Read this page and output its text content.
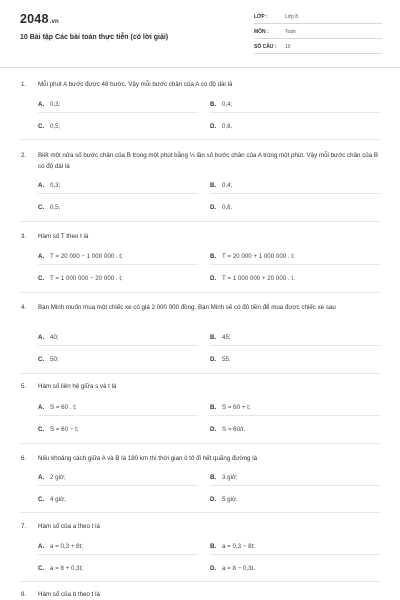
2048.vn
10 Bài tập Các bài toán thực tiễn (có lời giải)
LỚP :	Lớp 8
MÔN :	Toán
SỐ CÂU : 10
1. Mỗi phút A bước được 48 bước. Vậy mỗi bước chân của A có độ dài là
A. 0,3;	B. 0,4;
C. 0,5;	D. 0,6.
2. Biết một nửa số bước chân của B trong một phút bằng ⅓ lần số bước chân của A trong một phút. Vậy mỗi bước chân của B có độ dài là
A. 0,3;	B. 0,4;
C. 0,5;	D. 0,6.
3. Hàm số T theo t là
A. T = 20 000 − 1 000 000 . t;	B. T = 20 000 + 1 000 000 . t;
C. T = 1 000 000 − 20 000 . t;	D. T = 1 000 000 + 20 000 . t.
4. Bạn Minh muốn mua một chiếc xe có giá 2 000 000 đồng. Bạn Minh sẽ có đủ tiền để mua được chiếc xe sau
A. 40;	B. 45;
C. 50;	D. 55.
5. Hàm số liên hệ giữa s và t là
A. S = 60 . t;	B. S = 60 + t;
C. S = 60 − t;	D. S = 60/t.
6. Nếu khoảng cách giữa A và B là 180 km thì thời gian ô tô đi hết quãng đường là
A. 2 giờ;	B. 3 giờ;
C. 4 giờ;	D. 5 giờ.
7. Hàm số của a theo t là
A. a = 0,3 + 8t;	B. a = 0,3 − 8t;
C. a = 8 + 0,3t;	D. a = 8 − 0,3t.
8. Hàm số của b theo t là
